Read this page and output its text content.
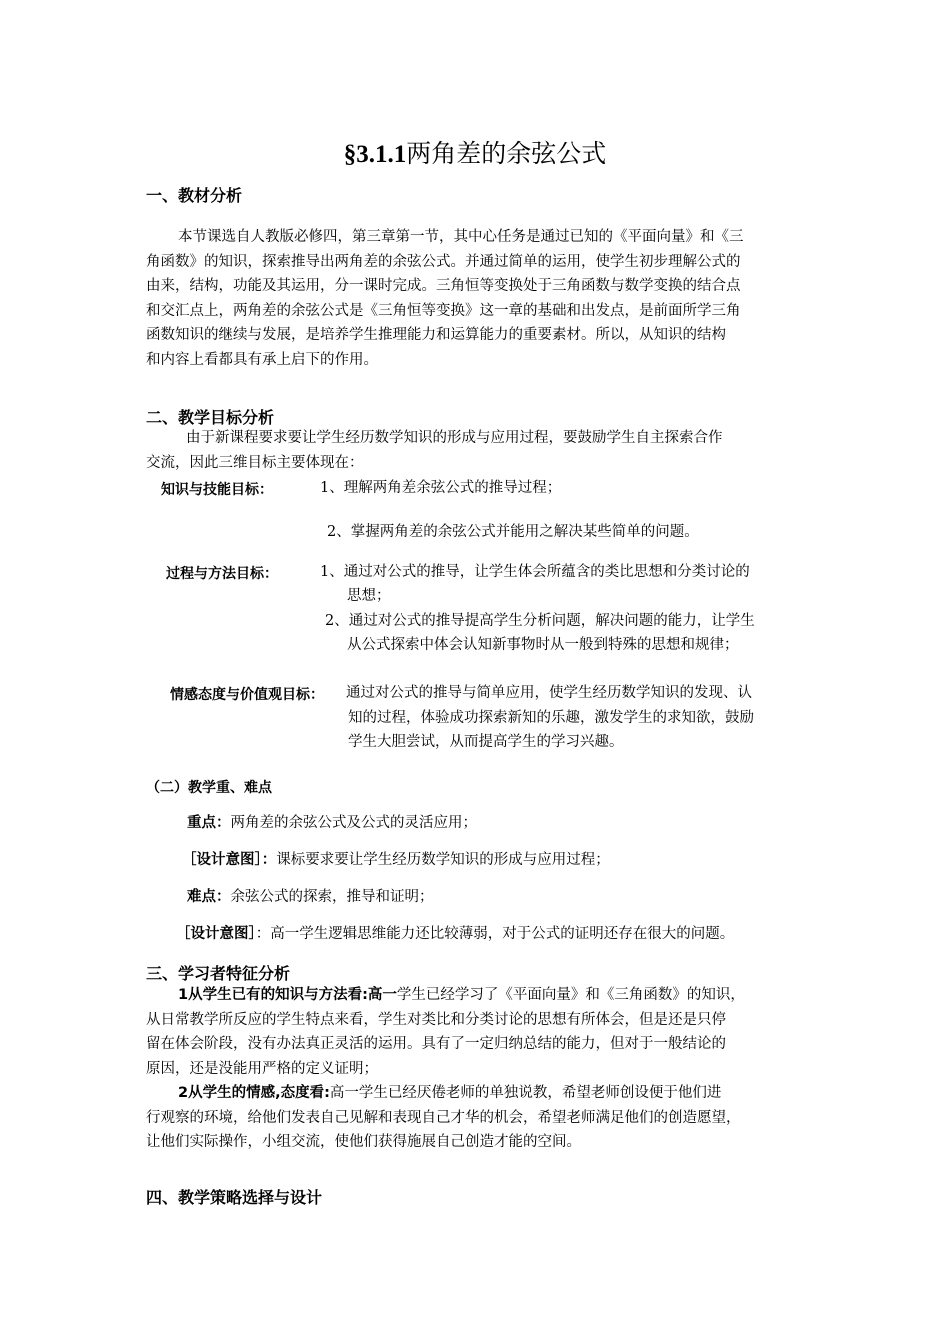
§3.1.1两角差的余弦公式
一、教材分析
本节课选自人教版必修四，第三章第一节，其中心任务是通过已知的《平面向量》和《三
角函数》的知识，探索推导出两角差的余弦公式。并通过简单的运用，使学生初步理解公式的
由来，结构，功能及其运用，分一课时完成。三角恒等变换处于三角函数与数学变换的结合点
和交汇点上，两角差的余弦公式是《三角恒等变换》这一章的基础和出发点，是前面所学三角
函数知识的继续与发展，是培养学生推理能力和运算能力的重要素材。所以，从知识的结构
和内容上看都具有承上启下的作用。
二、教学目标分析
由于新课程要求要让学生经历数学知识的形成与应用过程，要鼓励学生自主探索合作
交流，因此三维目标主要体现在：
知识与技能目标：	1、理解两角差余弦公式的推导过程；
2、掌握两角差的余弦公式并能用之解决某些简单的问题。
过程与方法目标：	1、通过对公式的推导，让学生体会所蕴含的类比思想和分类讨论的
思想；
2、通过对公式的推导提高学生分析问题，解决问题的能力，让学生
从公式探索中体会认知新事物时从一般到特殊的思想和规律；
情感态度与价值观目标： 通过对公式的推导与简单应用，使学生经历数学知识的发现、认
知的过程，体验成功探索新知的乐趣，激发学生的求知欲，鼓励
学生大胆尝试，从而提高学生的学习兴趣。
（二）教学重、难点
重点：两角差的余弦公式及公式的灵活应用；
［设计意图］：课标要求要让学生经历数学知识的形成与应用过程；
难点：余弦公式的探索，推导和证明；
［设计意图］：高一学生逻辑思维能力还比较薄弱，对于公式的证明还存在很大的问题。
三、学习者特征分析
1从学生已有的知识与方法看:高一学生已经学习了《平面向量》和《三角函数》的知识，
从日常教学所反应的学生特点来看，学生对类比和分类讨论的思想有所体会，但是还是只停
留在体会阶段，没有办法真正灵活的运用。具有了一定归纳总结的能力，但对于一般结论的
原因，还是没能用严格的定义证明；
2从学生的情感,态度看:高一学生已经厌倦老师的单独说教，希望老师创设便于他们进
行观察的环境，给他们发表自己见解和表现自己才华的机会，希望老师满足他们的创造愿望，
让他们实际操作，小组交流，使他们获得施展自己创造才能的空间。
四、教学策略选择与设计
